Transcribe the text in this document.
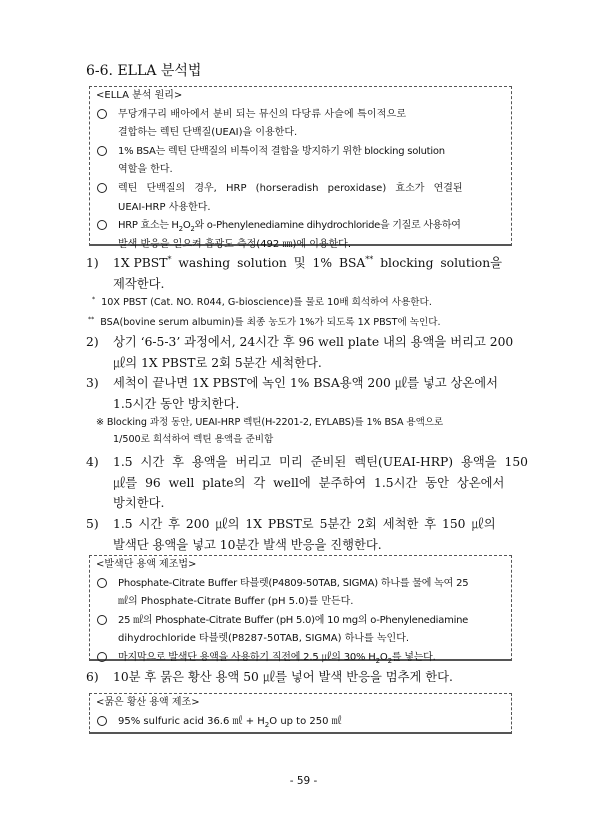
6-6. ELLA 분석법
<ELLA 분석 원리>
무당개구리 배아에서 분비 되는 뮤신의 다당류 사슬에 특이적으로
결합하는 렉틴 단백질(UEAI)을 이용한다.
1% BSA는 렉틴 단백질의 비특이적 결합을 방지하기 위한 blocking solution
역할을 한다.
렉틴 단백질의 경우, HRP (horseradish peroxidase) 효소가 연결된
UEAI-HRP 사용한다.
HRP 효소는 $H_2O_2$와 o-Phenylenediamine dihydrochloride을 기질로 사용하여
발색 반응을 일으켜 흡광도 측정(492 ㎚)에 이용한다.
1) 1X PBST* washing solution 및 1% BSA** blocking solution을
제작한다.
* 10X PBST (Cat. NO. R044, G-bioscience)를 물로 10배 희석하여 사용한다.
** BSA(bovine serum albumin)를 최종 농도가 1%가 되도록 1X PBST에 녹인다.
2) 상기 ‘6-5-3’ 과정에서, 24시간 후 96 well plate 내의 용액을 버리고 200
㎕의 1X PBST로 2회 5분간 세척한다.
3) 세척이 끝나면 1X PBST에 녹인 1% BSA용액 200 ㎕를 넣고 상온에서
1.5시간 동안 방치한다.
※ Blocking 과정 동안, UEAI-HRP 렉틴(H-2201-2, EYLABS)를 1% BSA 용액으로
1/500로 희석하여 렉틴 용액을 준비함
4) 1.5 시간 후 용액을 버리고 미리 준비된 렉틴(UEAI-HRP) 용액을 150
㎕를 96 well plate의 각 well에 분주하여 1.5시간 동안 상온에서
방치한다.
5) 1.5 시간 후 200 ㎕의 1X PBST로 5분간 2회 세척한 후 150 ㎕의
발색단 용액을 넣고 10분간 발색 반응을 진행한다.
<발색단 용액 제조법>
Phosphate-Citrate Buffer 타블렛(P4809-50TAB, SIGMA) 하나를 물에 녹여 25
㎖의 Phosphate-Citrate Buffer (pH 5.0)를 만든다.
25 ㎖의 Phosphate-Citrate Buffer (pH 5.0)에 10 mg의 o-Phenylenediamine
dihydrochloride 타블렛(P8287-50TAB, SIGMA) 하나를 녹인다.
마지막으로 발색단 용액을 사용하기 직전에 2.5 ㎕의 30% $H_2O_2$를 넣는다.
6) 10분 후 묽은 황산 용액 50 ㎕를 넣어 발색 반응을 멈추게 한다.
<묽은 황산 용액 제조>
95% sulfuric acid 36.6 ㎖ + $H_2O$ up to 250 ㎖
- 59 -
